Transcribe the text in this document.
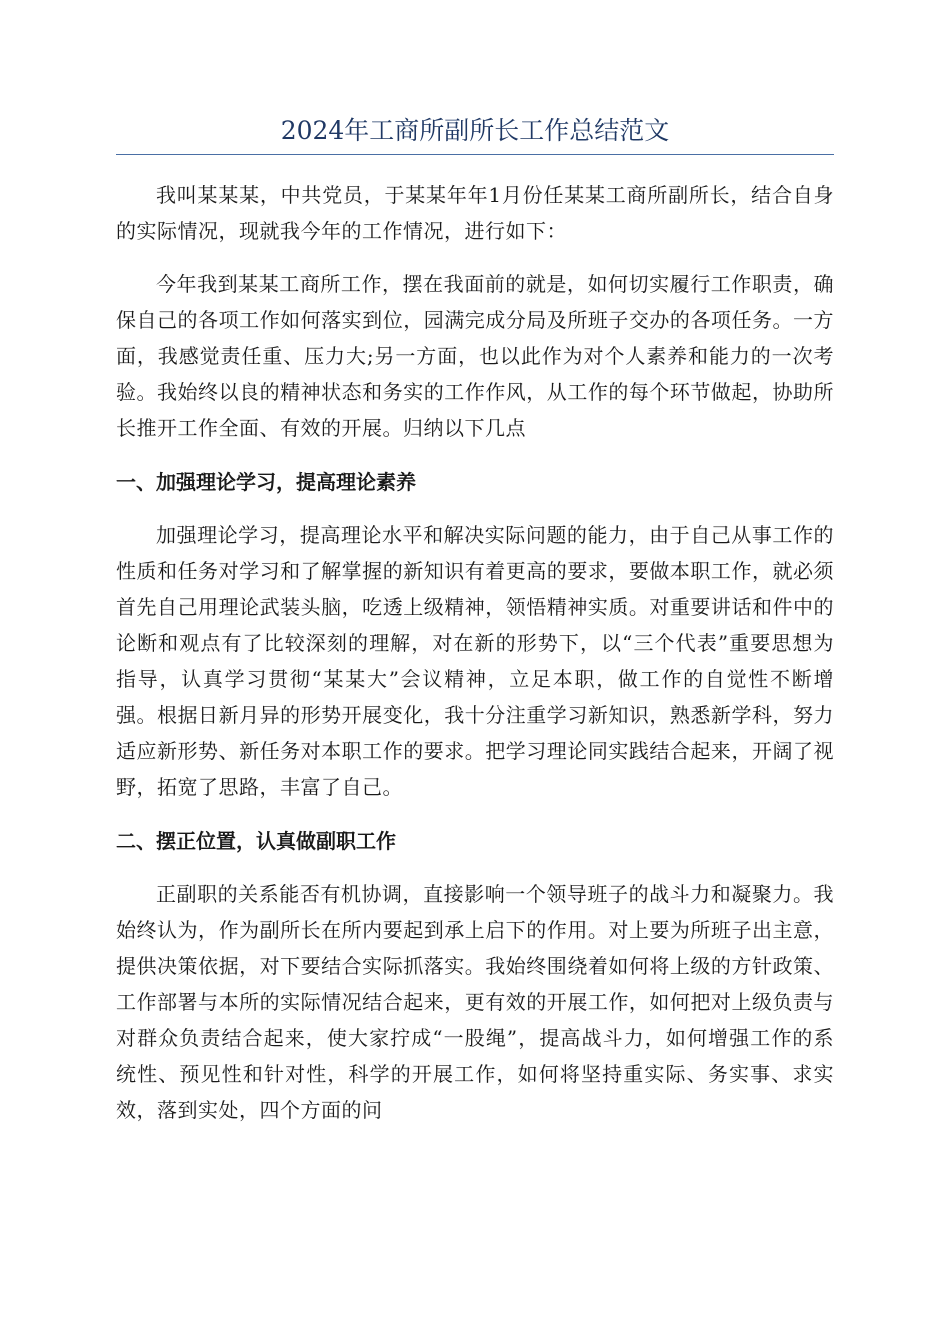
2024年工商所副所长工作总结范文

我叫某某某，中共党员，于某某年年1月份任某某工商所副所长，结合自身的实际情况，现就我今年的工作情况，进行如下：

今年我到某某工商所工作，摆在我面前的就是，如何切实履行工作职责，确保自己的各项工作如何落实到位，园满完成分局及所班子交办的各项任务。一方面，我感觉责任重、压力大;另一方面，也以此作为对个人素养和能力的一次考验。我始终以良的精神状态和务实的工作作风，从工作的每个环节做起，协助所长推开工作全面、有效的开展。归纳以下几点

一、加强理论学习，提高理论素养

加强理论学习，提高理论水平和解决实际问题的能力，由于自己从事工作的性质和任务对学习和了解掌握的新知识有着更高的要求，要做本职工作，就必须首先自己用理论武装头脑，吃透上级精神，领悟精神实质。对重要讲话和件中的论断和观点有了比较深刻的理解，对在新的形势下，以“三个代表”重要思想为指导，认真学习贯彻“某某大”会议精神，立足本职，做工作的自觉性不断增强。根据日新月异的形势开展变化，我十分注重学习新知识，熟悉新学科，努力适应新形势、新任务对本职工作的要求。把学习理论同实践结合起来，开阔了视野，拓宽了思路，丰富了自己。

二、摆正位置，认真做副职工作

正副职的关系能否有机协调，直接影响一个领导班子的战斗力和凝聚力。我始终认为，作为副所长在所内要起到承上启下的作用。对上要为所班子出主意，提供决策依据，对下要结合实际抓落实。我始终围绕着如何将上级的方针政策、工作部署与本所的实际情况结合起来，更有效的开展工作，如何把对上级负责与对群众负责结合起来，使大家拧成“一股绳”，提高战斗力，如何增强工作的系统性、预见性和针对性，科学的开展工作，如何将坚持重实际、务实事、求实效，落到实处，四个方面的问
